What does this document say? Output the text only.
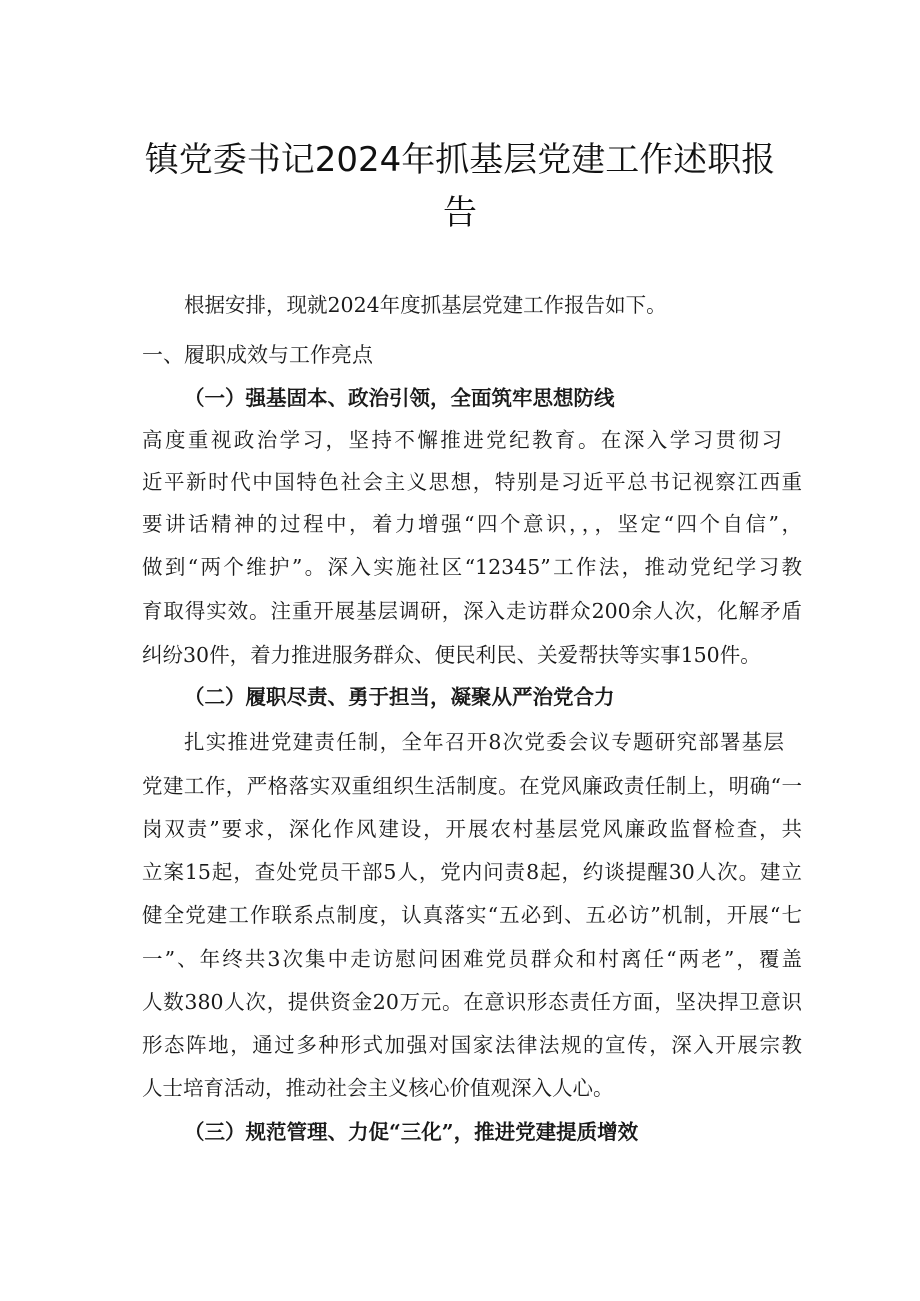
镇党委书记2024年抓基层党建工作述职报
告

根据安排，现就2024年度抓基层党建工作报告如下。

一、履职成效与工作亮点

（一）强基固本、政治引领，全面筑牢思想防线

高度重视政治学习，坚持不懈推进党纪教育。在深入学习贯彻习

近平新时代中国特色社会主义思想，特别是习近平总书记视察江西重

要讲话精神的过程中，着力增强“四个意识，，，坚定“四个自信”，

做到“两个维护”。深入实施社区“12345”工作法，推动党纪学习教

育取得实效。注重开展基层调研，深入走访群众200余人次，化解矛盾

纠纷30件，着力推进服务群众、便民利民、关爱帮扶等实事150件。

（二）履职尽责、勇于担当，凝聚从严治党合力

扎实推进党建责任制，全年召开8次党委会议专题研究部署基层

党建工作，严格落实双重组织生活制度。在党风廉政责任制上，明确“一

岗双责”要求，深化作风建设，开展农村基层党风廉政监督检查，共

立案15起，查处党员干部5人，党内问责8起，约谈提醒30人次。建立

健全党建工作联系点制度，认真落实“五必到、五必访”机制，开展“七

一”、年终共3次集中走访慰问困难党员群众和村离任“两老”，覆盖

人数380人次，提供资金20万元。在意识形态责任方面，坚决捍卫意识

形态阵地，通过多种形式加强对国家法律法规的宣传，深入开展宗教

人士培育活动，推动社会主义核心价值观深入人心。

（三）规范管理、力促“三化”，推进党建提质增效
